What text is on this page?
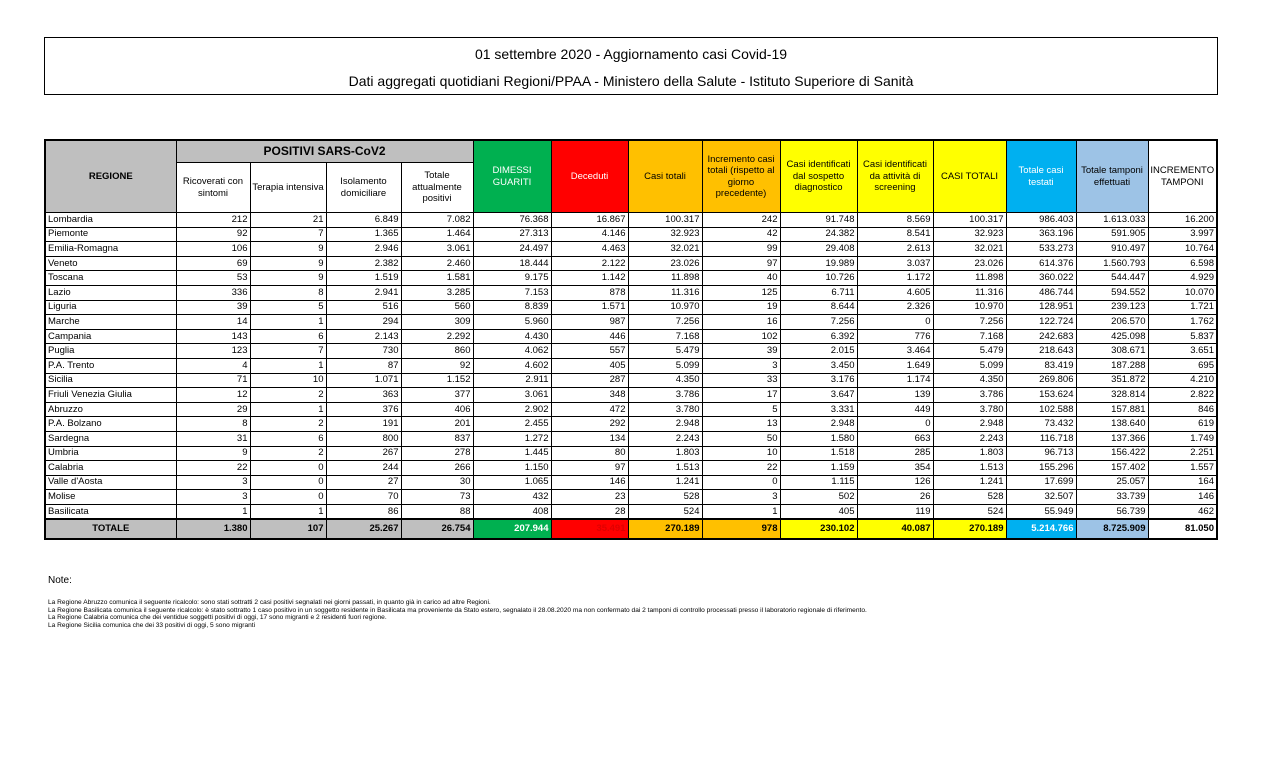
01 settembre 2020 - Aggiornamento casi Covid-19
Dati aggregati quotidiani Regioni/PPAA - Ministero della Salute - Istituto Superiore di Sanità
REGIONE	POSITIVI SARS-CoV2				DIMESSI GUARITI	Deceduti	Casi totali	Incremento casi totali (rispetto al giorno precedente)	Casi identificati dal sospetto diagnostico	Casi identificati da attività di screening	CASI TOTALI	Totale casi testati	Totale tamponi effettuati	INCREMENTO TAMPONI
	Ricoverati con sintomi	Terapia intensiva	Isolamento domiciliare	Totale attualmente positivi										
Lombardia	212	21	6.849	7.082	76.368	16.867	100.317	242	91.748	8.569	100.317	986.403	1.613.033	16.200
Piemonte	92	7	1.365	1.464	27.313	4.146	32.923	42	24.382	8.541	32.923	363.196	591.905	3.997
Emilia-Romagna	106	9	2.946	3.061	24.497	4.463	32.021	99	29.408	2.613	32.021	533.273	910.497	10.764
Veneto	69	9	2.382	2.460	18.444	2.122	23.026	97	19.989	3.037	23.026	614.376	1.560.793	6.598
Toscana	53	9	1.519	1.581	9.175	1.142	11.898	40	10.726	1.172	11.898	360.022	544.447	4.929
Lazio	336	8	2.941	3.285	7.153	878	11.316	125	6.711	4.605	11.316	486.744	594.552	10.070
Liguria	39	5	516	560	8.839	1.571	10.970	19	8.644	2.326	10.970	128.951	239.123	1.721
Marche	14	1	294	309	5.960	987	7.256	16	7.256	0	7.256	122.724	206.570	1.762
Campania	143	6	2.143	2.292	4.430	446	7.168	102	6.392	776	7.168	242.683	425.098	5.837
Puglia	123	7	730	860	4.062	557	5.479	39	2.015	3.464	5.479	218.643	308.671	3.651
P.A. Trento	4	1	87	92	4.602	405	5.099	3	3.450	1.649	5.099	83.419	187.288	695
Sicilia	71	10	1.071	1.152	2.911	287	4.350	33	3.176	1.174	4.350	269.806	351.872	4.210
Friuli Venezia Giulia	12	2	363	377	3.061	348	3.786	17	3.647	139	3.786	153.624	328.814	2.822
Abruzzo	29	1	376	406	2.902	472	3.780	5	3.331	449	3.780	102.588	157.881	846
P.A. Bolzano	8	2	191	201	2.455	292	2.948	13	2.948	0	2.948	73.432	138.640	619
Sardegna	31	6	800	837	1.272	134	2.243	50	1.580	663	2.243	116.718	137.366	1.749
Umbria	9	2	267	278	1.445	80	1.803	10	1.518	285	1.803	96.713	156.422	2.251
Calabria	22	0	244	266	1.150	97	1.513	22	1.159	354	1.513	155.296	157.402	1.557
Valle d'Aosta	3	0	27	30	1.065	146	1.241	0	1.115	126	1.241	17.699	25.057	164
Molise	3	0	70	73	432	23	528	3	502	26	528	32.507	33.739	146
Basilicata	1	1	86	88	408	28	524	1	405	119	524	55.949	56.739	462
TOTALE	1.380	107	25.267	26.754	207.944	35.491	270.189	978	230.102	40.087	270.189	5.214.766	8.725.909	81.050
Note:
La Regione Abruzzo comunica il seguente ricalcolo: sono stati sottratti 2 casi positivi segnalati nei giorni passati, in quanto già in carico ad altre Regioni.
La Regione Basilicata comunica il seguente ricalcolo: è stato sottratto 1 caso positivo in un soggetto residente in Basilicata ma proveniente da Stato estero, segnalato il 28.08.2020 ma non confermato dai 2 tamponi di controllo processati presso il laboratorio regionale di riferimento.
La Regione Calabria comunica che dei ventidue soggetti positivi di oggi, 17 sono migranti e 2 residenti fuori regione.
La Regione Sicilia comunica che dei 33 positivi di oggi, 5 sono migranti
